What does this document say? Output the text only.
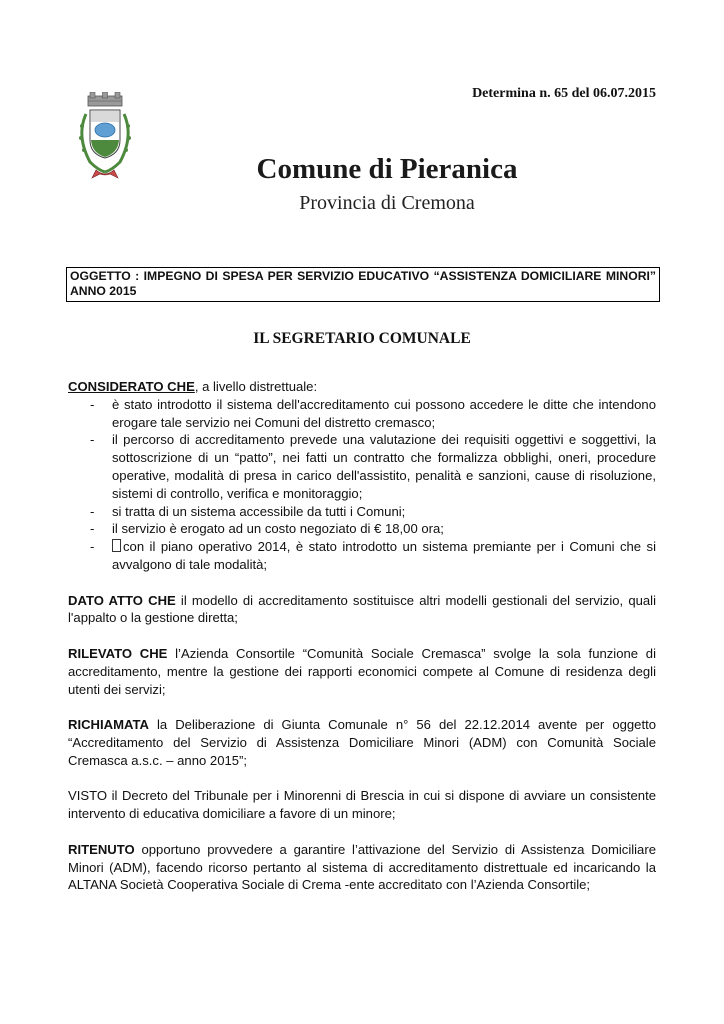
Determina n. 65 del 06.07.2015
Comune di Pieranica
Provincia di Cremona
OGGETTO : IMPEGNO DI SPESA PER SERVIZIO EDUCATIVO “ASSISTENZA DOMICILIARE MINORI” ANNO 2015
IL SEGRETARIO COMUNALE

CONSIDERATO CHE, a livello distrettuale:

- è stato introdotto il sistema dell'accreditamento cui possono accedere le ditte che intendono erogare tale servizio nei Comuni del distretto cremasco;
- il percorso di accreditamento prevede una valutazione dei requisiti oggettivi e soggettivi, la sottoscrizione di un “patto”, nei fatti un contratto che formalizza obblighi, oneri, procedure operative, modalità di presa in carico dell'assistito, penalità e sanzioni, cause di risoluzione, sistemi di controllo, verifica e monitoraggio;
- si tratta di un sistema accessibile da tutti i Comuni;
- il servizio è erogato ad un costo negoziato di € 18,00 ora;
- con il piano operativo 2014, è stato introdotto un sistema premiante per i Comuni che si avvalgono di tale modalità;

DATO ATTO CHE il modello di accreditamento sostituisce altri modelli gestionali del servizio, quali l'appalto o la gestione diretta;

RILEVATO CHE l’Azienda Consortile “Comunità Sociale Cremasca” svolge la sola funzione di accreditamento, mentre la gestione dei rapporti economici compete al Comune di residenza degli utenti dei servizi;

RICHIAMATA la Deliberazione di Giunta Comunale n° 56 del 22.12.2014 avente per oggetto “Accreditamento del Servizio di Assistenza Domiciliare Minori (ADM) con Comunità Sociale Cremasca a.s.c. – anno 2015”;

VISTO il Decreto del Tribunale per i Minorenni di Brescia in cui si dispone di avviare un consistente intervento di educativa domiciliare a favore di un minore;

RITENUTO opportuno provvedere a garantire l’attivazione del Servizio di Assistenza Domiciliare Minori (ADM), facendo ricorso pertanto al sistema di accreditamento distrettuale ed incaricando la ALTANA Società Cooperativa Sociale di Crema -ente accreditato con l’Azienda Consortile;
